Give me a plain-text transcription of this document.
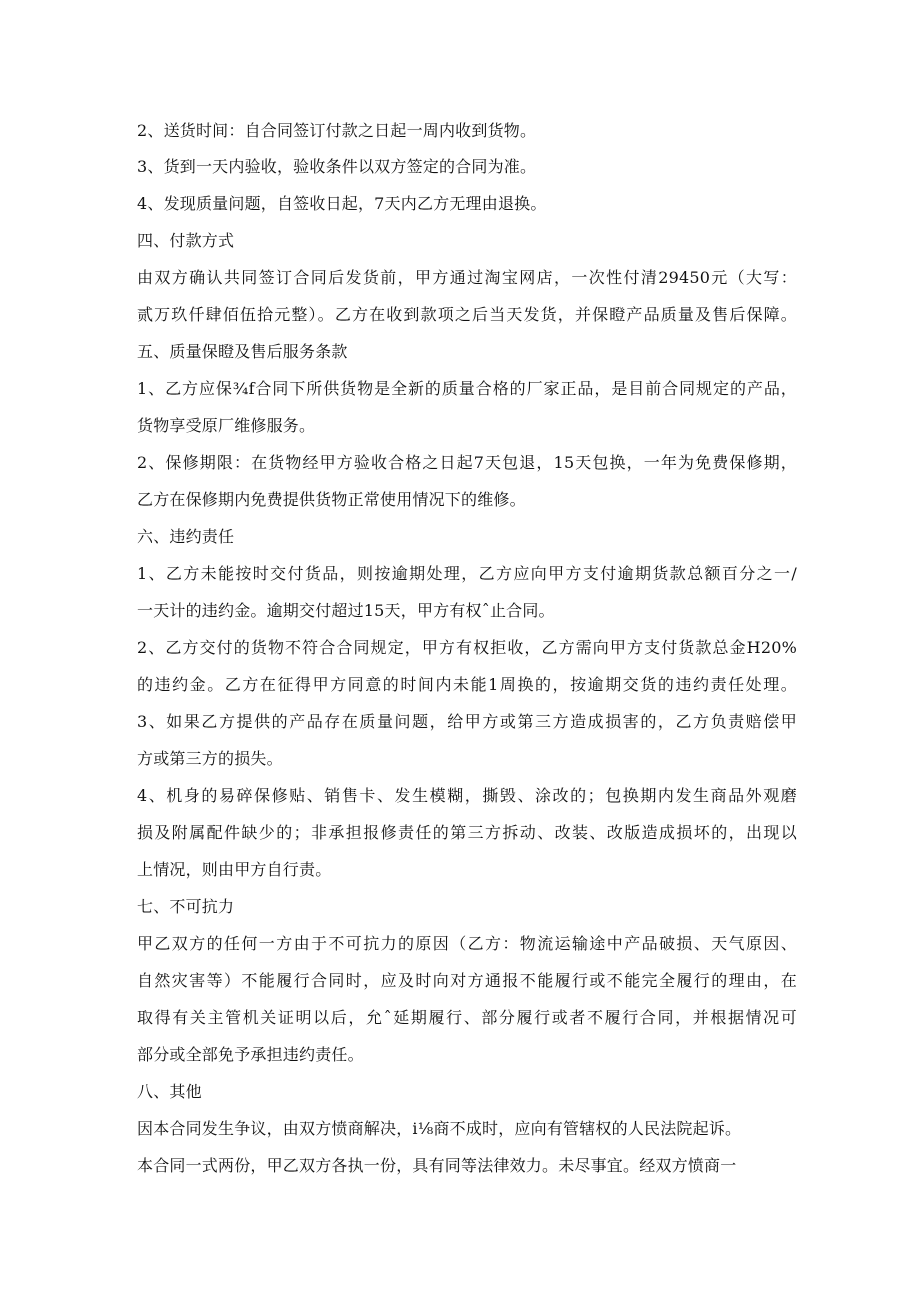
2、送货时间：自合同签订付款之日起一周内收到货物。
3、货到一天内验收，验收条件以双方签定的合同为准。
4、发现质量问题，自签收日起，7天内乙方无理由退换。
四、付款方式
由双方确认共同签订合同后发货前，甲方通过淘宝网店，一次性付清29450元（大写：
贰万玖仟肆佰伍拾元整）。乙方在收到款项之后当天发货，并保瞪产品质量及售后保障。
五、质量保瞪及售后服务条款
1、乙方应保¾f合同下所供货物是全新的质量合格的厂家正品，是目前合同规定的产品，
货物享受原厂维修服务。
2、保修期限：在货物经甲方验收合格之日起7天包退，15天包换，一年为免费保修期，
乙方在保修期内免费提供货物正常使用情况下的维修。
六、违约责任
1、乙方未能按时交付货品，则按逾期处理，乙方应向甲方支付逾期货款总额百分之一/
一天计的违约金。逾期交付超过15天，甲方有权ˆ止合同。
2、乙方交付的货物不符合合同规定，甲方有权拒收，乙方需向甲方支付货款总金H20%
的违约金。乙方在征得甲方同意的时间内未能1周换的，按逾期交货的违约责任处理。
3、如果乙方提供的产品存在质量问题，给甲方或第三方造成损害的，乙方负责赔偿甲
方或第三方的损失。
4、机身的易碎保修贴、销售卡、发生模糊，撕毁、涂改的；包换期内发生商品外观磨
损及附属配件缺少的；非承担报修责任的第三方拆动、改装、改版造成损坏的，出现以
上情况，则由甲方自行责。
七、不可抗力
甲乙双方的任何一方由于不可抗力的原因（乙方：物流运输途中产品破损、天气原因、
自然灾害等）不能履行合同时，应及时向对方通报不能履行或不能完全履行的理由，在
取得有关主管机关证明以后，允ˆ延期履行、部分履行或者不履行合同，并根据情况可
部分或全部免予承担违约责任。
八、其他
因本合同发生争议，由双方愤商解决，i⅛商不成时，应向有管辖权的人民法院起诉。
本合同一式两份，甲乙双方各执一份，具有同等法律效力。未尽事宜。经双方愤商一
